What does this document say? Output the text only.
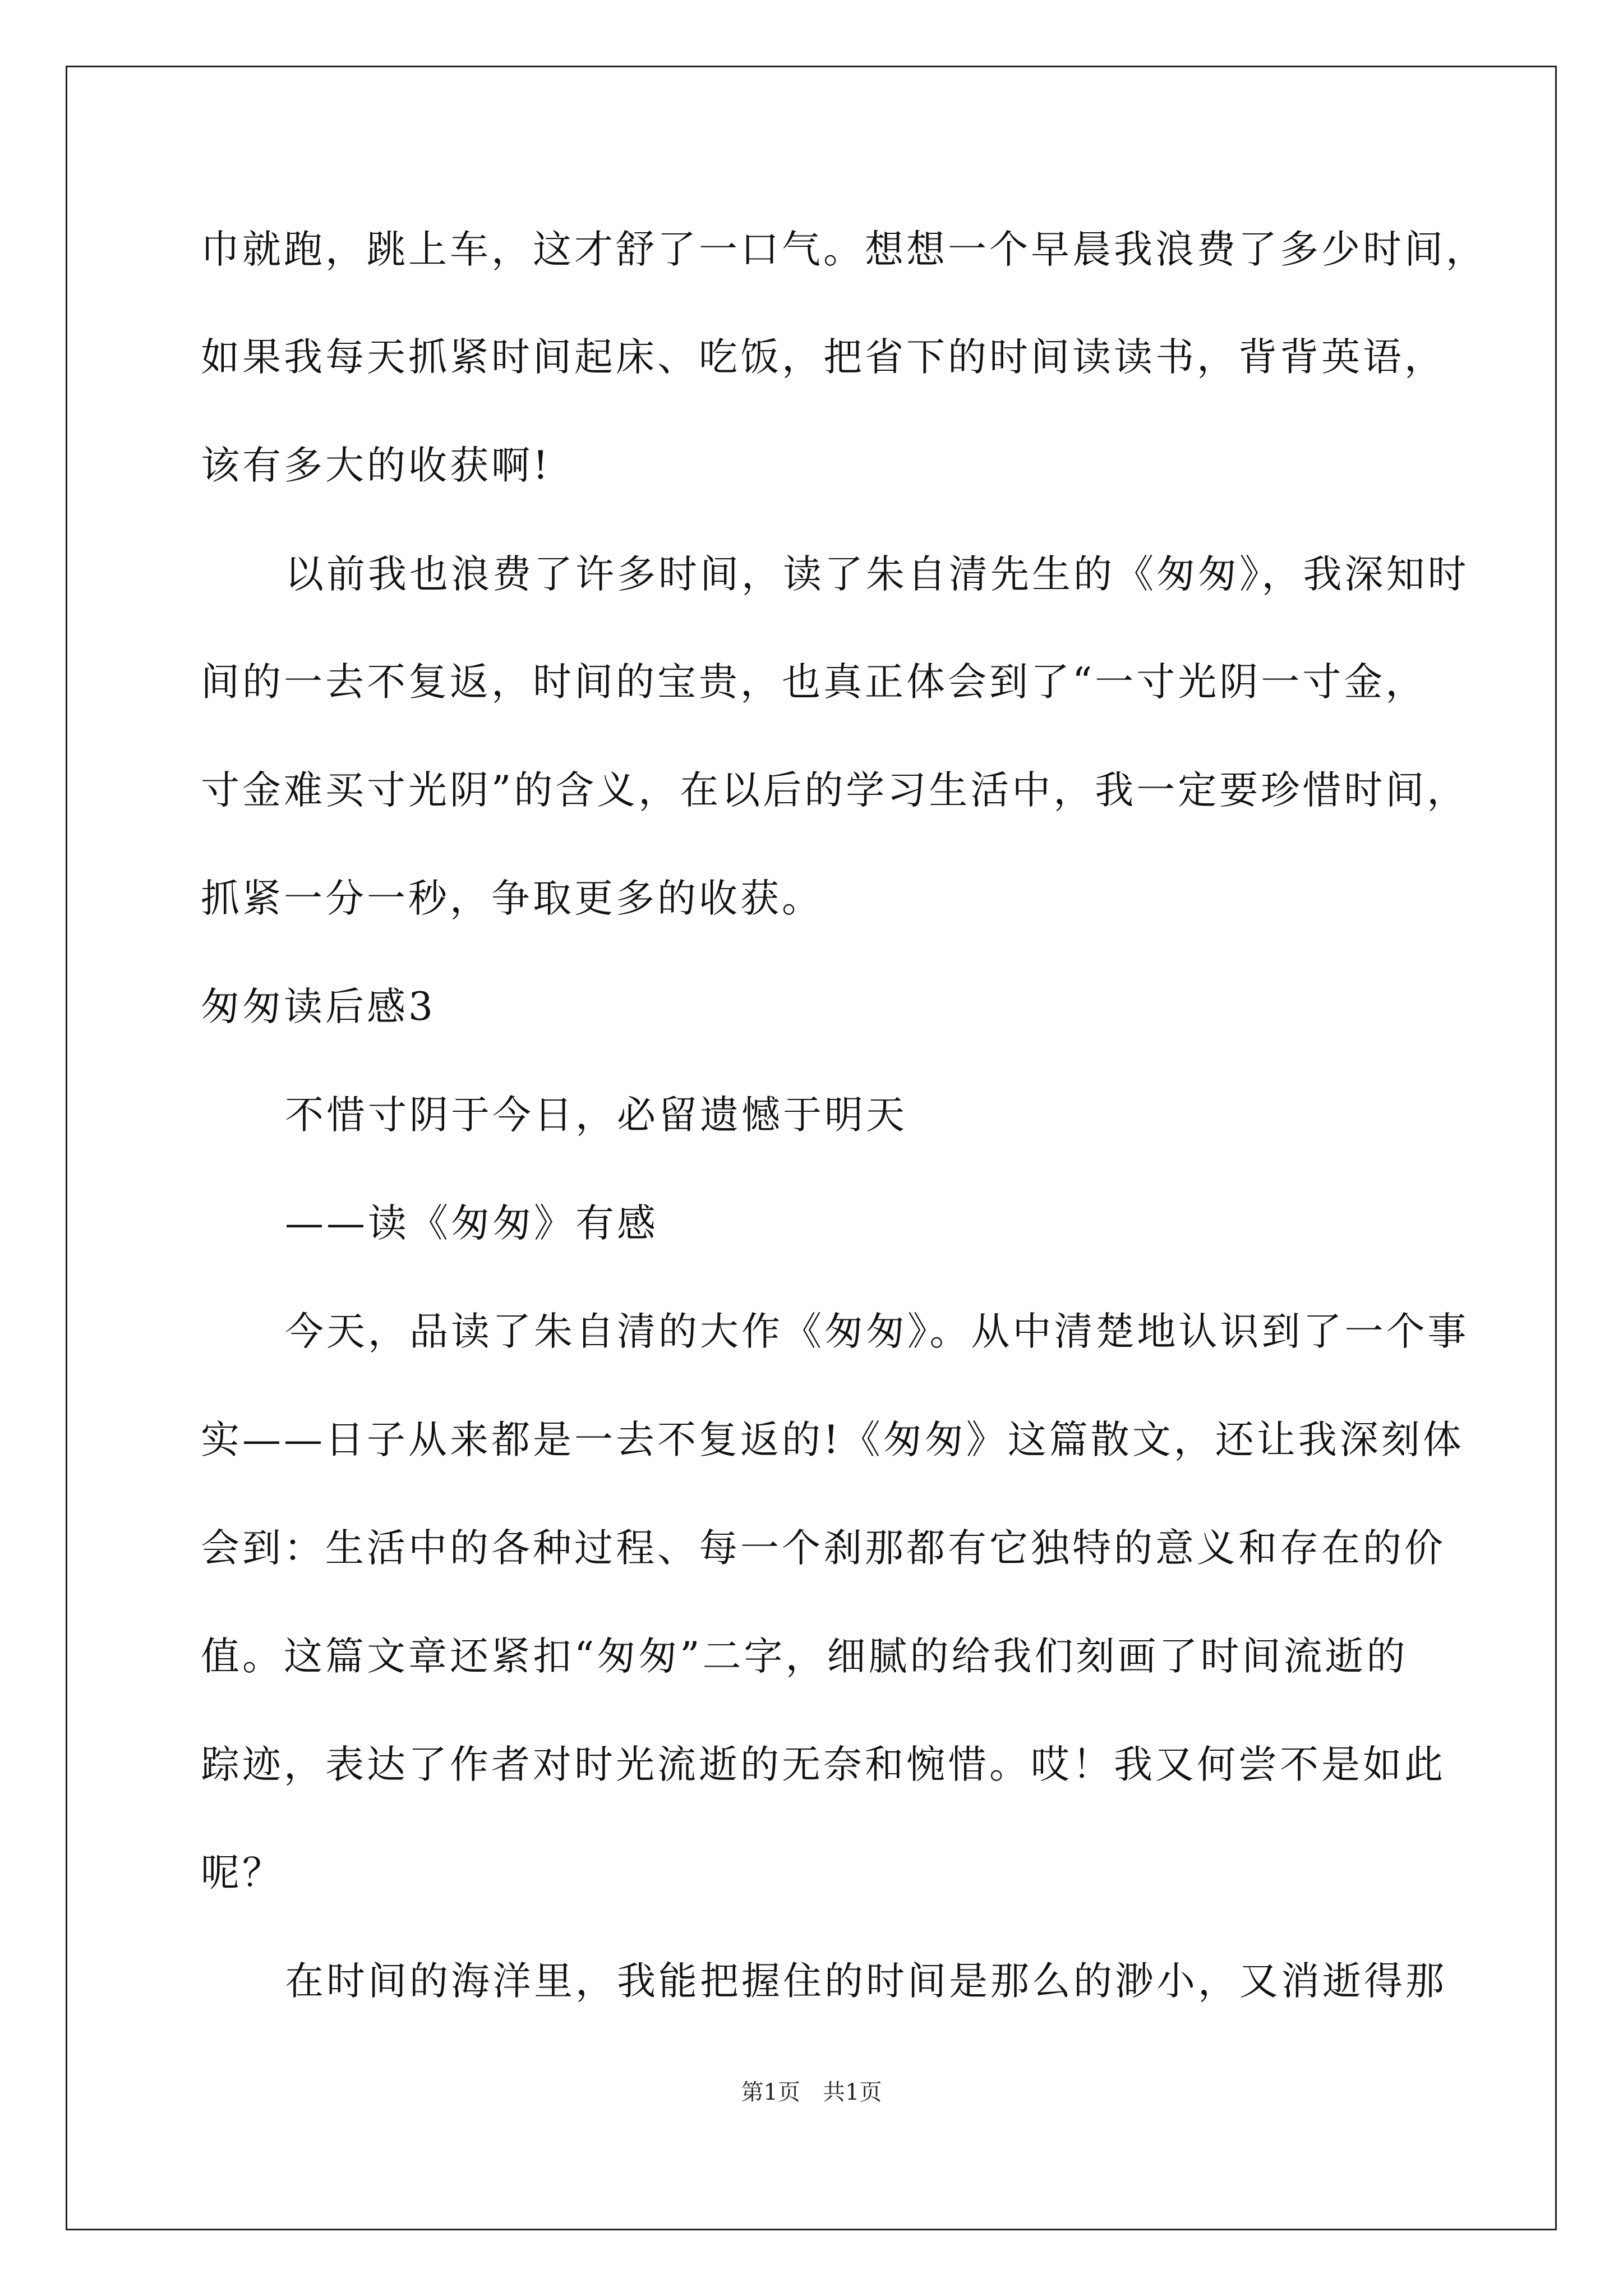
巾就跑，跳上车，这才舒了一口气。想想一个早晨我浪费了多少时间，
如果我每天抓紧时间起床、吃饭，把省下的时间读读书，背背英语，
该有多大的收获啊!
以前我也浪费了许多时间，读了朱自清先生的《匆匆》，我深知时
间的一去不复返，时间的宝贵，也真正体会到了“一寸光阴一寸金，
寸金难买寸光阴”的含义，在以后的学习生活中，我一定要珍惜时间，
抓紧一分一秒，争取更多的收获。
匆匆读后感3
不惜寸阴于今日，必留遗憾于明天
——读《匆匆》有感
今天，品读了朱自清的大作《匆匆》。从中清楚地认识到了一个事
实——日子从来都是一去不复返的!《匆匆》这篇散文，还让我深刻体
会到：生活中的各种过程、每一个刹那都有它独特的意义和存在的价
值。这篇文章还紧扣“匆匆”二字，细腻的给我们刻画了时间流逝的
踪迹，表达了作者对时光流逝的无奈和惋惜。哎！我又何尝不是如此
呢？
在时间的海洋里，我能把握住的时间是那么的渺小，又消逝得那
第1页　共1页
